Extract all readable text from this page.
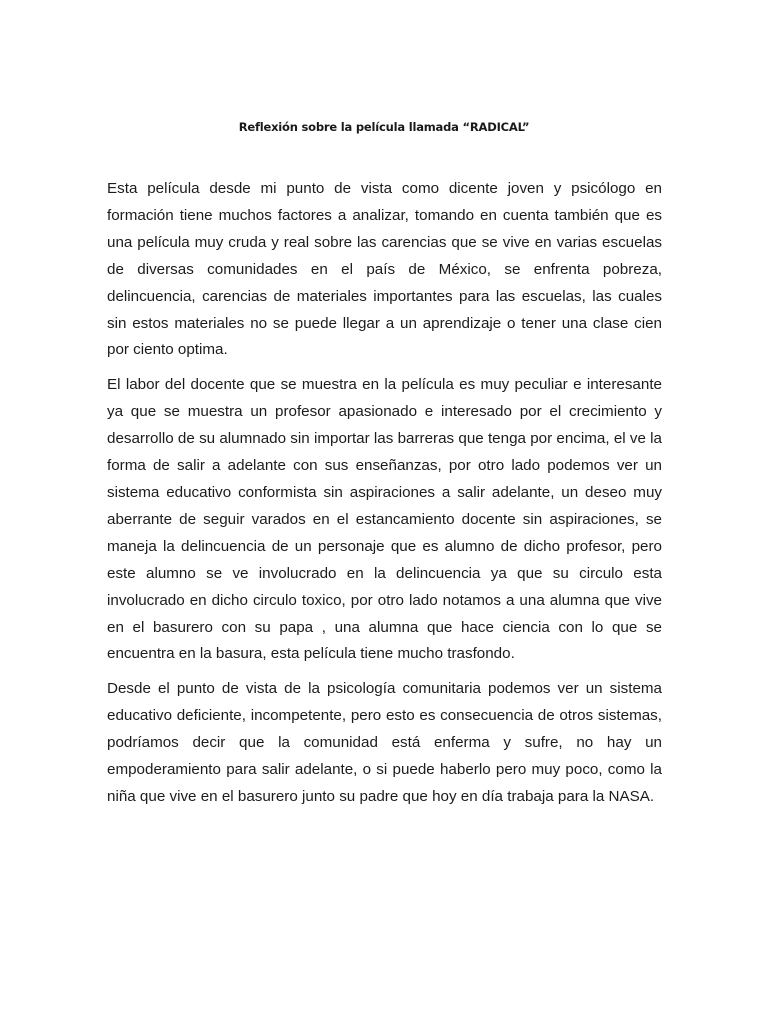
Reflexión sobre la película llamada “RADICAL”

Esta película desde mi punto de vista como dicente joven y psicólogo en formación tiene muchos factores a analizar, tomando en cuenta también que es una película muy cruda y real sobre las carencias que se vive en varias escuelas de diversas comunidades en el país de México, se enfrenta pobreza, delincuencia, carencias de materiales importantes para las escuelas, las cuales sin estos materiales no se puede llegar a un aprendizaje o tener una clase cien por ciento optima.

El labor del docente que se muestra en la película es muy peculiar e interesante ya que se muestra un profesor apasionado e interesado por el crecimiento y desarrollo de su alumnado sin importar las barreras que tenga por encima, el ve la forma de salir a adelante con sus enseñanzas, por otro lado podemos ver un sistema educativo conformista sin aspiraciones a salir adelante, un deseo muy aberrante de seguir varados en el estancamiento docente sin aspiraciones, se maneja la delincuencia de un personaje que es alumno de dicho profesor, pero este alumno se ve involucrado en la delincuencia ya que su circulo esta involucrado en dicho circulo toxico, por otro lado notamos a una alumna que vive en el basurero con su papa , una alumna que hace ciencia con lo que se encuentra en la basura, esta película tiene mucho trasfondo.

Desde el punto de vista de la psicología comunitaria podemos ver un sistema educativo deficiente, incompetente, pero esto es consecuencia de otros sistemas, podríamos decir que la comunidad está enferma y sufre, no hay un empoderamiento para salir adelante, o si puede haberlo pero muy poco, como la niña que vive en el basurero junto su padre que hoy en día trabaja para la NASA.
